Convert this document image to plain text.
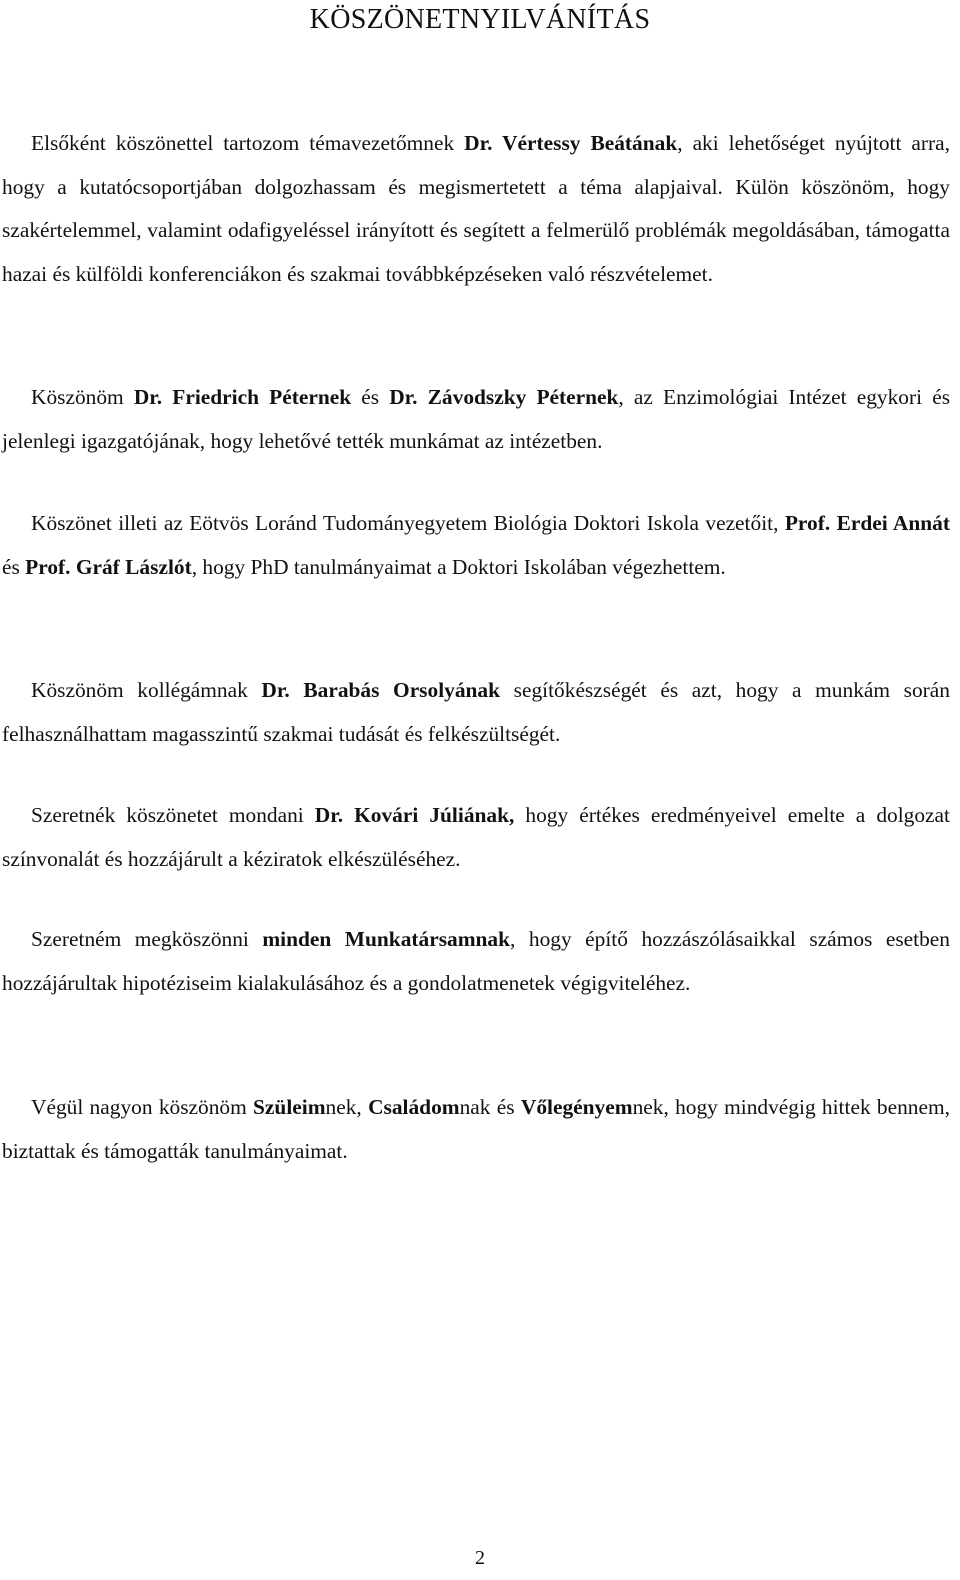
KÖSZÖNETNYILVÁNÍTÁS

Elsőként köszönettel tartozom témavezetőmnek Dr. Vértessy Beátának, aki lehetőséget nyújtott arra, hogy a kutatócsoportjában dolgozhassam és megismertetett a téma alapjaival. Külön köszönöm, hogy szakértelemmel, valamint odafigyeléssel irányított és segített a felmerülő problémák megoldásában, támogatta hazai és külföldi konferenciákon és szakmai továbbképzéseken való részvételemet.

Köszönöm Dr. Friedrich Péternek és Dr. Závodszky Péternek, az Enzimológiai Intézet egykori és jelenlegi igazgatójának, hogy lehetővé tették munkámat az intézetben.

Köszönet illeti az Eötvös Loránd Tudományegyetem Biológia Doktori Iskola vezetőit, Prof. Erdei Annát és Prof. Gráf Lászlót, hogy PhD tanulmányaimat a Doktori Iskolában végezhettem.

Köszönöm kollégámnak Dr. Barabás Orsolyának segítőkészségét és azt, hogy a munkám során felhasználhattam magasszintű szakmai tudását és felkészültségét.

Szeretnék köszönetet mondani Dr. Kovári Júliának, hogy értékes eredményeivel emelte a dolgozat színvonalát és hozzájárult a kéziratok elkészüléséhez.

Szeretném megköszönni minden Munkatársamnak, hogy építő hozzászólásaikkal számos esetben hozzájárultak hipotéziseim kialakulásához és a gondolatmenetek végigviteléhez.

Végül nagyon köszönöm Szüleimnek, Családomnak és Vőlegényemnek, hogy mindvégig hittek bennem, biztattak és támogatták tanulmányaimat.

2
